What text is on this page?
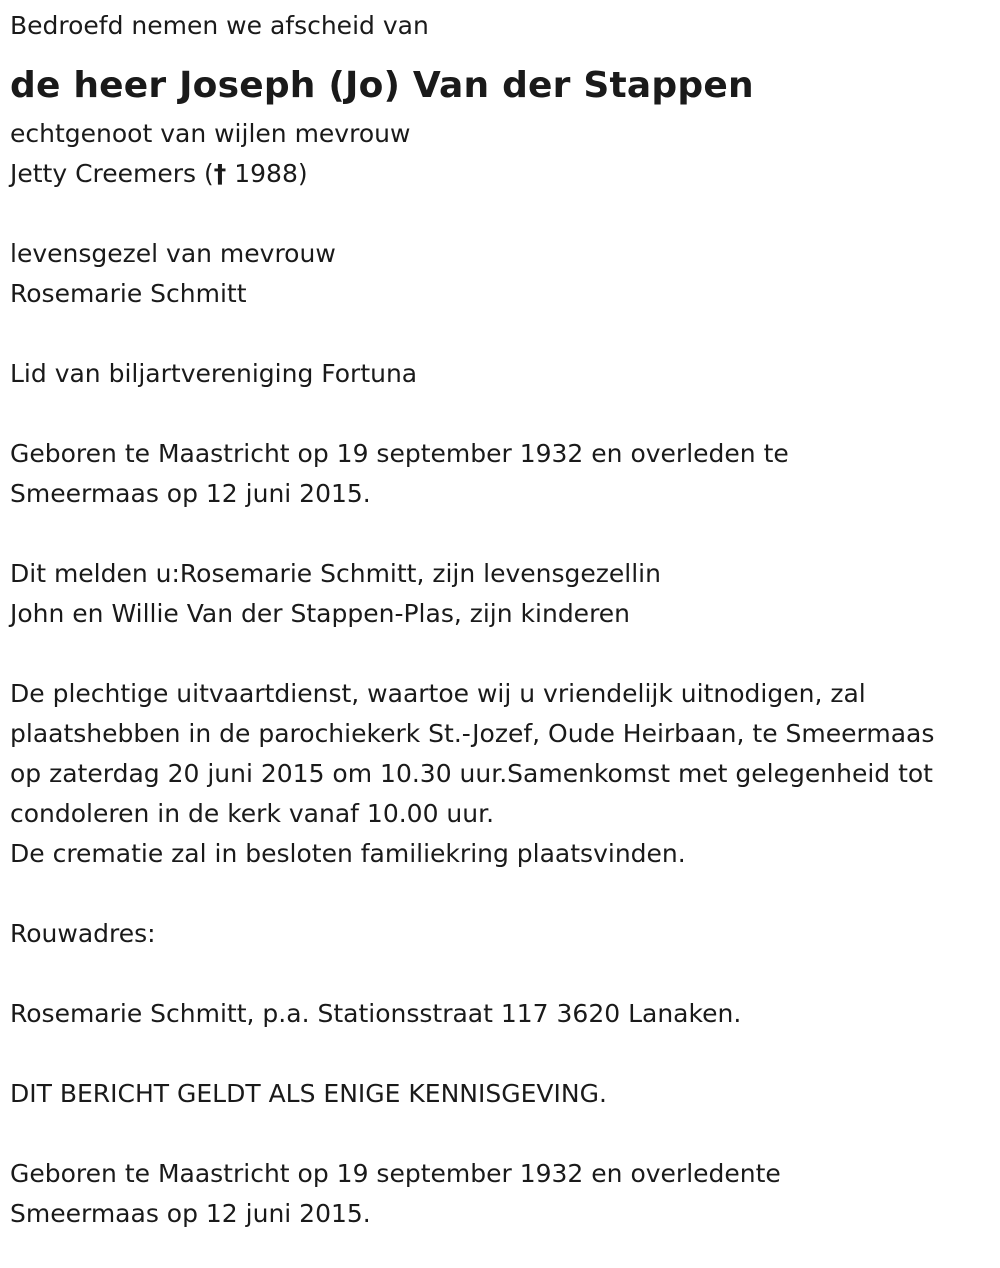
Bedroefd nemen we afscheid van
de heer Joseph (Jo) Van der Stappen
echtgenoot van wijlen mevrouw
Jetty Creemers († 1988)
levensgezel van mevrouw
Rosemarie Schmitt
Lid van biljartvereniging Fortuna
Geboren te Maastricht op 19 september 1932 en overleden te
Smeermaas op 12 juni 2015.
Dit melden u:Rosemarie Schmitt, zijn levensgezellin
John en Willie Van der Stappen-Plas, zijn kinderen
De plechtige uitvaartdienst, waartoe wij u vriendelijk uitnodigen, zal
plaatshebben in de parochiekerk St.-Jozef, Oude Heirbaan, te Smeermaas
op zaterdag 20 juni 2015 om 10.30 uur.Samenkomst met gelegenheid tot
condoleren in de kerk vanaf 10.00 uur.
De crematie zal in besloten familiekring plaatsvinden.
Rouwadres:
Rosemarie Schmitt, p.a. Stationsstraat 117 3620 Lanaken.
DIT BERICHT GELDT ALS ENIGE KENNISGEVING.
Geboren te Maastricht op 19 september 1932 en overledente
Smeermaas op 12 juni 2015.
